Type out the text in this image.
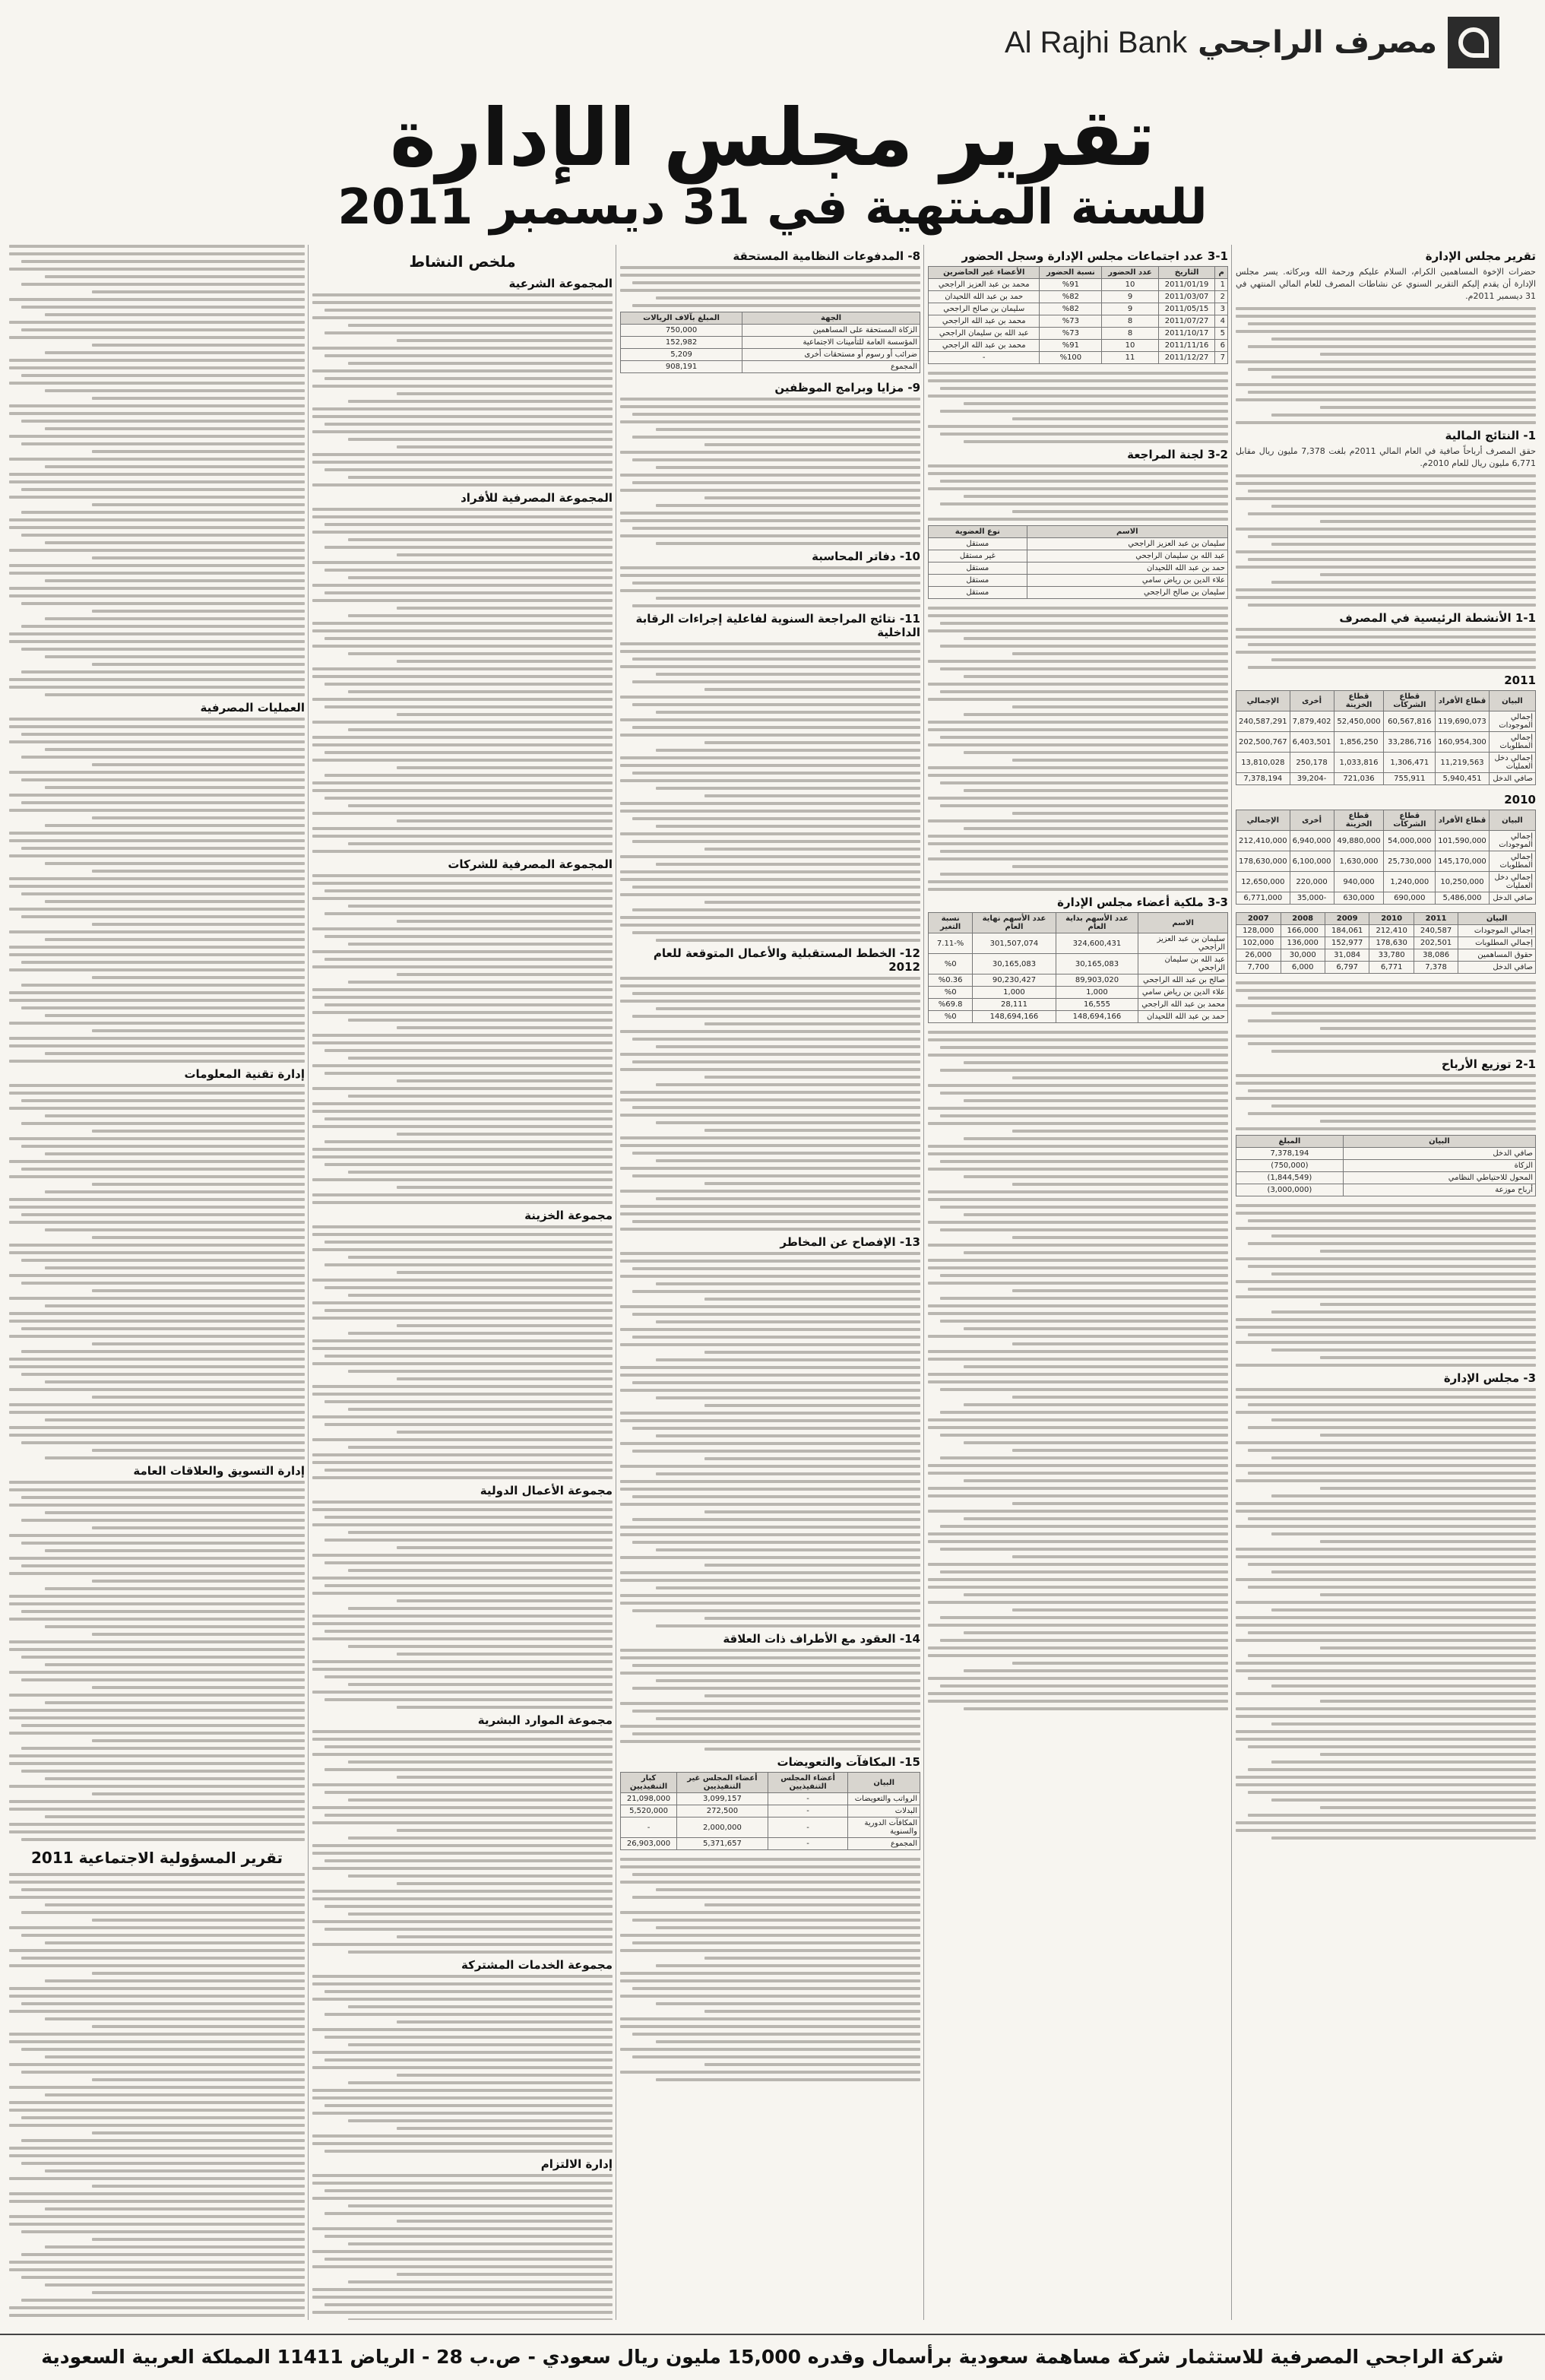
Al Rajhi Bank مصرف الراجحي
تقرير مجلس الإدارة
للسنة المنتهية في 31 ديسمبر 2011
تقرير مجلس الإدارة

حضرات الإخوة المساهمين الكرام، السلام عليكم ورحمة الله وبركاته. يسر مجلس الإدارة أن يقدم إليكم التقرير السنوي عن نشاطات المصرف للعام المالي المنتهي في 31 ديسمبر 2011م.

1- النتائج المالية

حقق المصرف أرباحاً صافية في العام المالي 2011م بلغت 7,378 مليون ريال مقابل 6,771 مليون ريال للعام 2010م.

1-1 الأنشطة الرئيسية في المصرف
2011
البيان	قطاع الأفراد	قطاع الشركات	قطاع الخزينة	أخرى	الإجمالي
إجمالي الموجودات	119,690,073	60,567,816	52,450,000	7,879,402	240,587,291
إجمالي المطلوبات	160,954,300	33,286,716	1,856,250	6,403,501	202,500,767
إجمالي دخل العمليات	11,219,563	1,306,471	1,033,816	250,178	13,810,028
صافي الدخل	5,940,451	755,911	721,036	-39,204	7,378,194
2010
البيان	قطاع الأفراد	قطاع الشركات	قطاع الخزينة	أخرى	الإجمالي
إجمالي الموجودات	101,590,000	54,000,000	49,880,000	6,940,000	212,410,000
إجمالي المطلوبات	145,170,000	25,730,000	1,630,000	6,100,000	178,630,000
إجمالي دخل العمليات	10,250,000	1,240,000	940,000	220,000	12,650,000
صافي الدخل	5,486,000	690,000	630,000	-35,000	6,771,000
البيان	2011	2010	2009	2008	2007
إجمالي الموجودات	240,587	212,410	184,061	166,000	128,000
إجمالي المطلوبات	202,501	178,630	152,977	136,000	102,000
حقوق المساهمين	38,086	33,780	31,084	30,000	26,000
صافي الدخل	7,378	6,771	6,797	6,000	7,700
2-1 توزيع الأرباح
البيان	المبلغ
صافي الدخل	7,378,194
الزكاة	(750,000)
المحول للاحتياطي النظامي	(1,844,549)
أرباح موزعة	(3,000,000)
3- مجلس الإدارة
3-1 عدد اجتماعات مجلس الإدارة وسجل الحضور
م	التاريخ	عدد الحضور	نسبة الحضور	الأعضاء غير الحاضرين
1	2011/01/19	10	%91	محمد بن عبد العزيز الراجحي
2	2011/03/07	9	%82	حمد بن عبد الله اللحيدان
3	2011/05/15	9	%82	سليمان بن صالح الراجحي
4	2011/07/27	8	%73	محمد بن عبد الله الراجحي
5	2011/10/17	8	%73	عبد الله بن سليمان الراجحي
6	2011/11/16	10	%91	محمد بن عبد الله الراجحي
7	2011/12/27	11	%100	-
3-2 لجنة المراجعة
الاسم	نوع العضوية
سليمان بن عبد العزيز الراجحي	مستقل
عبد الله بن سليمان الراجحي	غير مستقل
حمد بن عبد الله اللحيدان	مستقل
علاء الدين بن رياض سامي	مستقل
سليمان بن صالح الراجحي	مستقل
3-3 ملكية أعضاء مجلس الإدارة
الاسم	عدد الأسهم بداية العام	عدد الأسهم نهاية العام	نسبة التغير
سليمان بن عبد العزيز الراجحي	324,600,431	301,507,074	%-7.11
عبد الله بن سليمان الراجحي	30,165,083	30,165,083	%0
صالح بن عبد الله الراجحي	89,903,020	90,230,427	%0.36
علاء الدين بن رياض سامي	1,000	1,000	%0
محمد بن عبد الله الراجحي	16,555	28,111	%69.8
حمد بن عبد الله اللحيدان	148,694,166	148,694,166	%0
8- المدفوعات النظامية المستحقة
الجهة	المبلغ بآلاف الريالات
الزكاة المستحقة على المساهمين	750,000
المؤسسة العامة للتأمينات الاجتماعية	152,982
ضرائب أو رسوم أو مستحقات أخرى	5,209
المجموع	908,191
9- مزايا وبرامج الموظفين
10- دفاتر المحاسبة
11- نتائج المراجعة السنوية لفاعلية إجراءات الرقابة الداخلية
12- الخطط المستقبلية والأعمال المتوقعة للعام 2012
13- الإفصاح عن المخاطر
14- العقود مع الأطراف ذات العلاقة
15- المكافآت والتعويضات
البيان	أعضاء المجلس التنفيذيين	أعضاء المجلس غير التنفيذيين	كبار التنفيذيين
الرواتب والتعويضات	-	3,099,157	21,098,000
البدلات	-	272,500	5,520,000
المكافآت الدورية والسنوية	-	2,000,000	-
المجموع	-	5,371,657	26,903,000
ملخص النشاط
المجموعة الشرعية
المجموعة المصرفية للأفراد
المجموعة المصرفية للشركات
مجموعة الخزينة
مجموعة الأعمال الدولية
مجموعة الموارد البشرية
مجموعة الخدمات المشتركة
إدارة الالتزام
العمليات المصرفية
إدارة تقنية المعلومات
إدارة التسويق والعلاقات العامة
تقرير المسؤولية الاجتماعية 2011
شركة الراجحي المصرفية للاستثمار شركة مساهمة سعودية برأسمال وقدره 15,000 مليون ريال سعودي - ص.ب 28 - الرياض 11411 المملكة العربية السعودية
